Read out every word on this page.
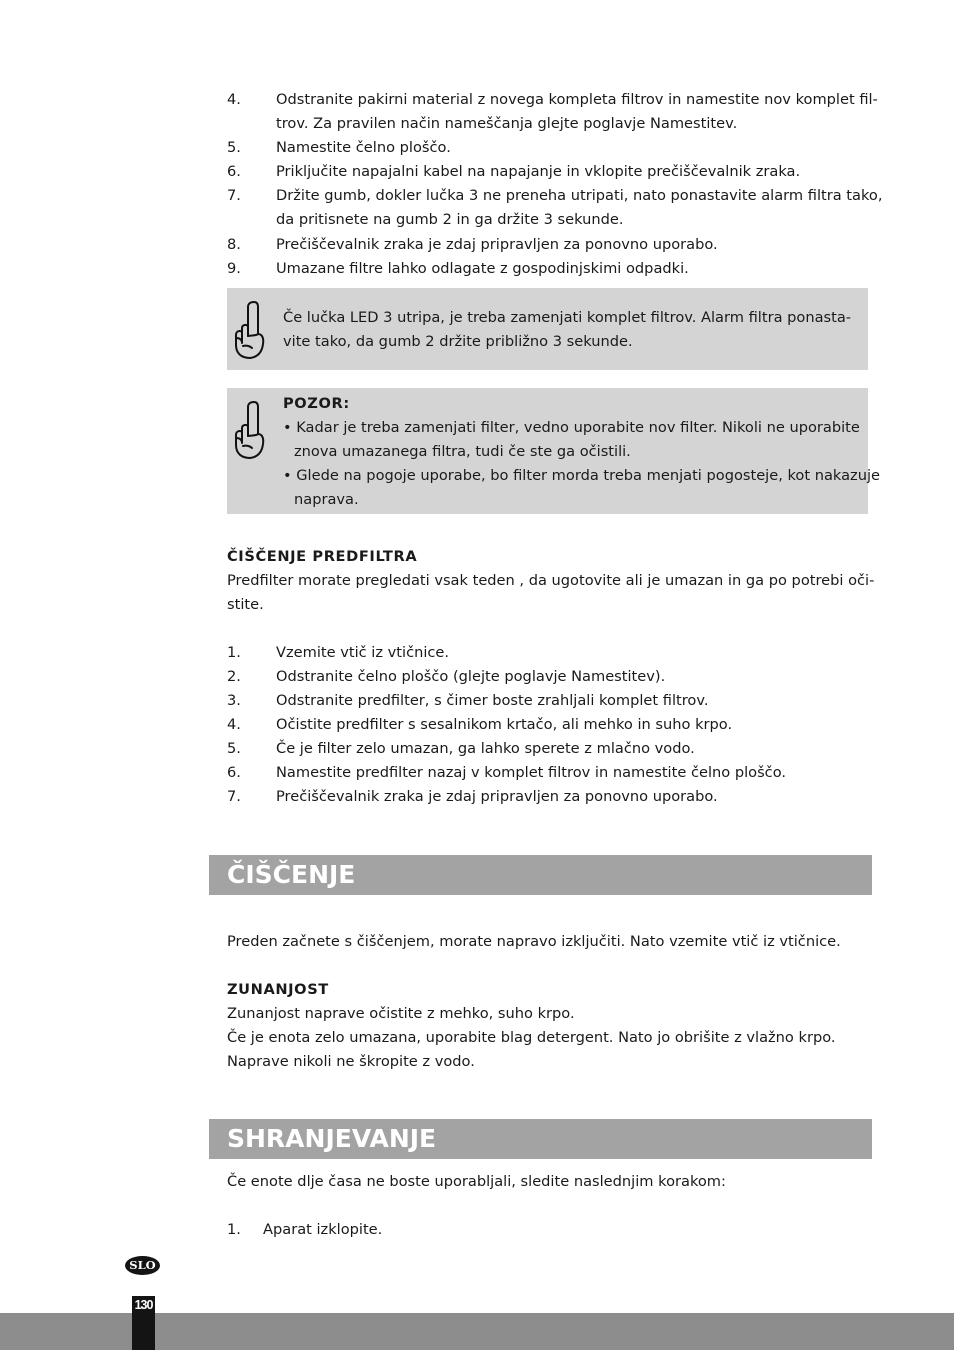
4. Odstranite pakirni material z novega kompleta filtrov in namestite nov komplet fil-
trov. Za pravilen način nameščanja glejte poglavje Namestitev.
5. Namestite čelno ploščo.
6. Priključite napajalni kabel na napajanje in vklopite prečiščevalnik zraka.
7. Držite gumb, dokler lučka 3 ne preneha utripati, nato ponastavite alarm filtra tako,
da pritisnete na gumb 2 in ga držite 3 sekunde.
8. Prečiščevalnik zraka je zdaj pripravljen za ponovno uporabo.
9. Umazane filtre lahko odlagate z gospodinjskimi odpadki.
Če lučka LED 3 utripa, je treba zamenjati komplet filtrov. Alarm filtra ponasta-
vite tako, da gumb 2 držite približno 3 sekunde.
POZOR:
• Kadar je treba zamenjati filter, vedno uporabite nov filter. Nikoli ne uporabite
znova umazanega filtra, tudi če ste ga očistili.
• Glede na pogoje uporabe, bo filter morda treba menjati pogosteje, kot nakazuje
naprava.
ČIŠČENJE PREDFILTRA
Predfilter morate pregledati vsak teden , da ugotovite ali je umazan in ga po potrebi oči-
stite.
1. Vzemite vtič iz vtičnice.
2. Odstranite čelno ploščo (glejte poglavje Namestitev).
3. Odstranite predfilter, s čimer boste zrahljali komplet filtrov.
4. Očistite predfilter s sesalnikom krtačo, ali mehko in suho krpo.
5. Če je filter zelo umazan, ga lahko sperete z mlačno vodo.
6. Namestite predfilter nazaj v komplet filtrov in namestite čelno ploščo.
7. Prečiščevalnik zraka je zdaj pripravljen za ponovno uporabo.
ČIŠČENJE
Preden začnete s čiščenjem, morate napravo izključiti. Nato vzemite vtič iz vtičnice.
ZUNANJOST
Zunanjost naprave očistite z mehko, suho krpo.
Če je enota zelo umazana, uporabite blag detergent. Nato jo obrišite z vlažno krpo.
Naprave nikoli ne škropite z vodo.
SHRANJEVANJE
Če enote dlje časa ne boste uporabljali, sledite naslednjim korakom:
1. Aparat izklopite.
SLO
130
